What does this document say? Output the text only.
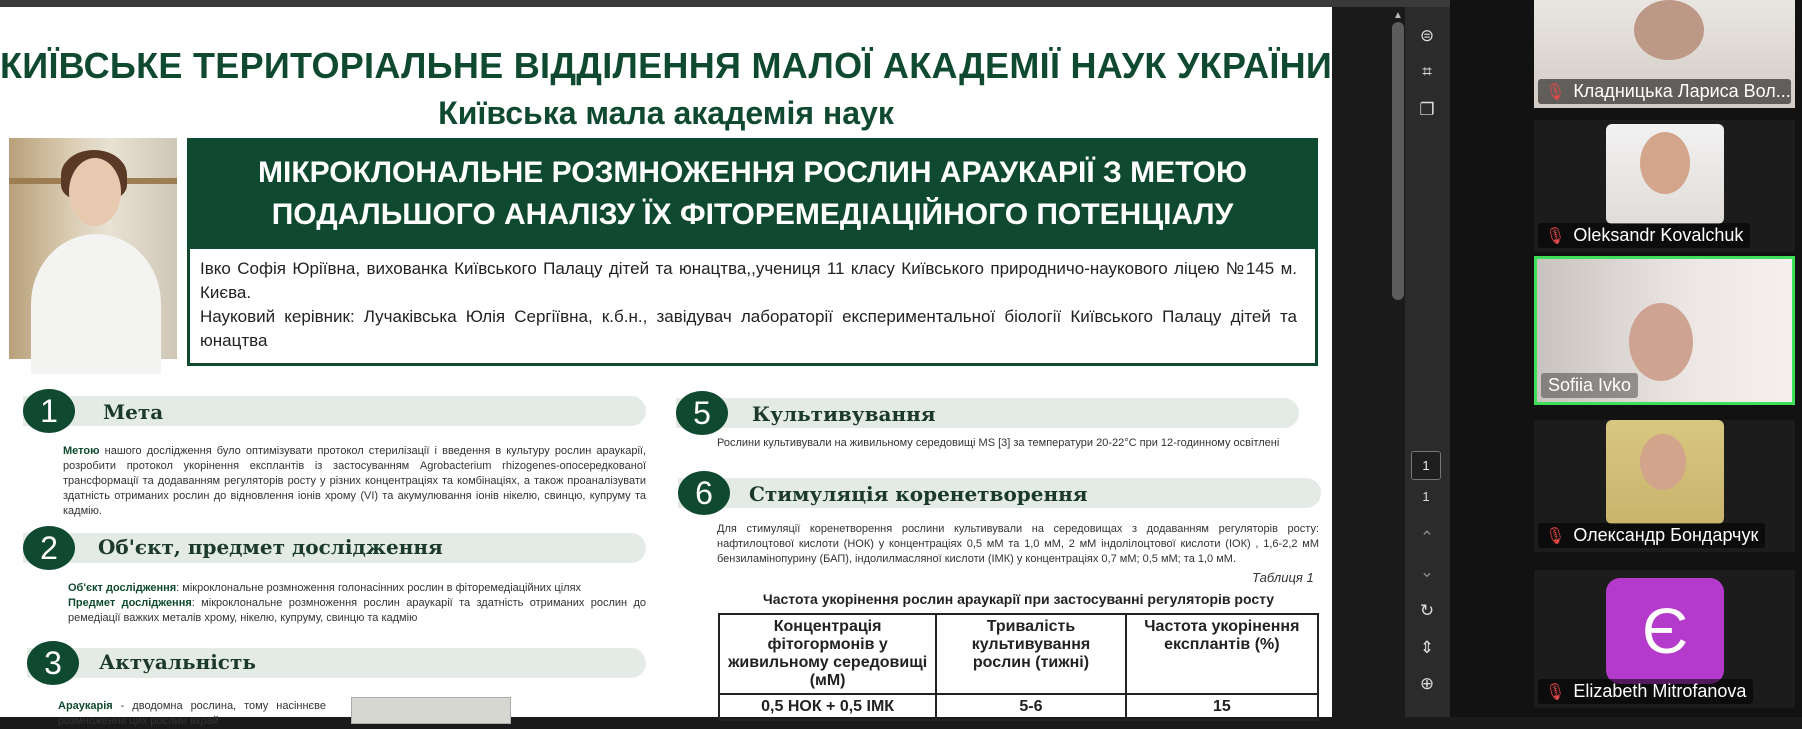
КИЇВСЬКЕ ТЕРИТОРІАЛЬНЕ ВІДДІЛЕННЯ МАЛОЇ АКАДЕМІЇ НАУК УКРАЇНИ
Київська мала академія наук
МІКРОКЛОНАЛЬНЕ РОЗМНОЖЕННЯ РОСЛИН АРАУКАРІЇ З МЕТОЮ
ПОДАЛЬШОГО АНАЛІЗУ ЇХ ФІТОРЕМЕДІАЦІЙНОГО ПОТЕНЦІАЛУ
Івко Софія Юріївна, вихованка Київського Палацу дітей та юнацтва,,учениця 11 класу Київського природничо-наукового ліцею №145 м. Києва.
Науковий керівник: Лучаківська Юлія Сергіївна, к.б.н., завідувач лабораторії експериментальної біології Київського Палацу дітей та юнацтва
1	Мета
Метою нашого дослідження було оптимізувати протокол стерилізації і введення в культуру рослин араукарії, розробити протокол укорінення експлантів із застосуванням Agrobacterium rhizogenes-опосередкованої трансформації та додаванням регуляторів росту у різних концентраціях та комбінаціях, а також проаналізувати здатність отриманих рослин до відновлення іонів хрому (VI) та акумулювання іонів нікелю, свинцю, купруму та кадмію.
2	Об'єкт, предмет дослідження
Об'єкт дослідження: мікроклональне розмноження голонасінних рослин в фіторемедіаційних цілях
Предмет дослідження: мікроклональне розмноження рослин араукарії та здатність отриманих рослин до ремедіації важких металів хрому, нікелю, купруму, свинцю та кадмію
3	Актуальність
Араукарія - дводомна рослина, тому насіннєве розмноження цих рослин вкрай
5	Культивування
Рослини культивували на живильному середовищі MS [3] за температури 20-22°C при 12-годинному освітлені
6	Стимуляція коренетворення
Для стимуляції коренетворення рослини культивували на середовищах з додаванням регуляторів росту: нафтилоцтової кислоти (НОК) у концентраціях 0,5 мМ та 1,0 мМ, 2 мМ індолілоцтової кислоти (ІОК) , 1,6-2,2 мМ бензиламінопурину (БАП), індолилмасляної кислоти (ІМК) у концентраціях 0,7 мМ; 0,5 мМ; та 1,0 мМ.
Таблиця 1
Частота укорінення рослин араукарії при застосуванні регуляторів росту
Концентрація фітогормонів у живильному середовищі (мМ)	Тривалість культивування рослин (тижні)	Частота укорінення експлантів (%)
0,5 НОК + 0,5 ІМК	5-6	15
▲
⊜
⌗
❐
1
1
⌃
⌄
↻
⇕
⊕
🎙︎ Кладницька Лариса Вол...
🎙︎ Oleksandr Kovalchuk
Sofiia Ivko
🎙︎ Олександр Бондарчук
Є
🎙︎ Elizabeth Mitrofanova
